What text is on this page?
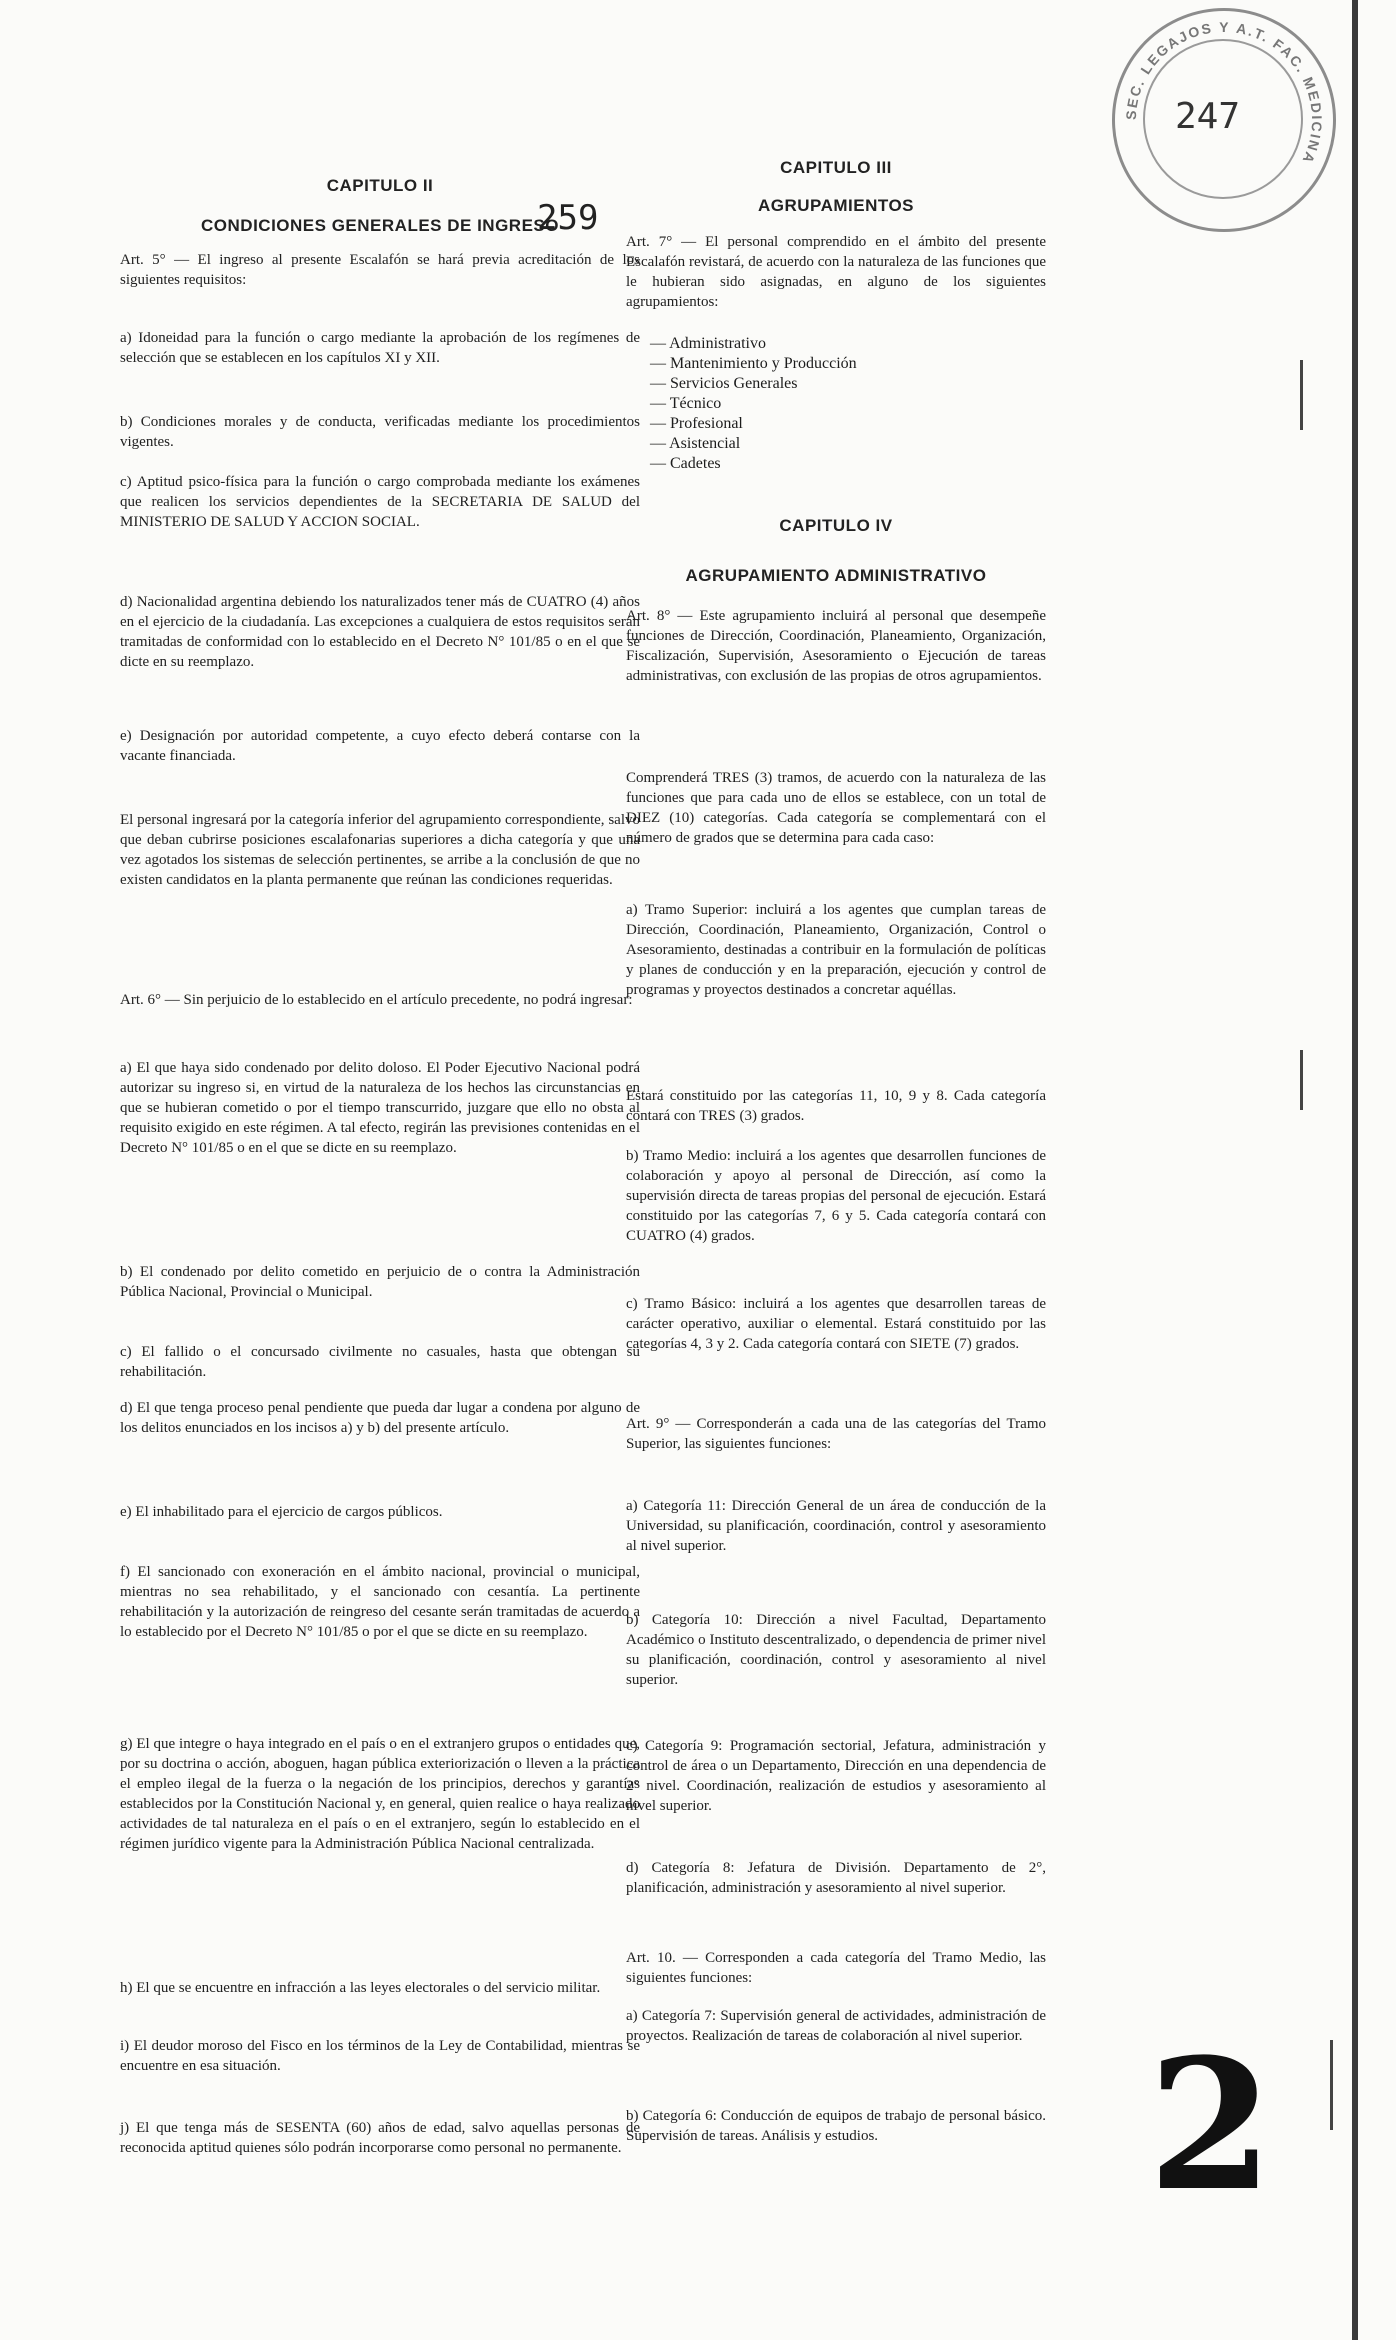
SEC. LEGAJOS Y A.T. FAC. MEDICINA
247
259
CAPITULO II
CONDICIONES GENERALES DE INGRESO
Art. 5° — El ingreso al presente Escalafón se hará previa acreditación de los siguientes requisitos:
a) Idoneidad para la función o cargo mediante la aprobación de los regímenes de selección que se establecen en los capítulos XI y XII.
b) Condiciones morales y de conducta, verificadas mediante los procedimientos vigentes.
c) Aptitud psico-física para la función o cargo comprobada mediante los exámenes que realicen los servicios dependientes de la SECRETARIA DE SALUD del MINISTERIO DE SALUD Y ACCION SOCIAL.
d) Nacionalidad argentina debiendo los naturalizados tener más de CUATRO (4) años en el ejercicio de la ciudadanía. Las excepciones a cualquiera de estos requisitos serán tramitadas de conformidad con lo establecido en el Decreto N° 101/85 o en el que se dicte en su reemplazo.
e) Designación por autoridad competente, a cuyo efecto deberá contarse con la vacante financiada.
El personal ingresará por la categoría inferior del agrupamiento correspondiente, salvo que deban cubrirse posiciones escalafonarias superiores a dicha categoría y que una vez agotados los sistemas de selección pertinentes, se arribe a la conclusión de que no existen candidatos en la planta permanente que reúnan las condiciones requeridas.
Art. 6° — Sin perjuicio de lo establecido en el artículo precedente, no podrá ingresar:
a) El que haya sido condenado por delito doloso. El Poder Ejecutivo Nacional podrá autorizar su ingreso si, en virtud de la naturaleza de los hechos las circunstancias en que se hubieran cometido o por el tiempo transcurrido, juzgare que ello no obsta al requisito exigido en este régimen. A tal efecto, regirán las previsiones contenidas en el Decreto N° 101/85 o en el que se dicte en su reemplazo.
b) El condenado por delito cometido en perjuicio de o contra la Administración Pública Nacional, Provincial o Municipal.
c) El fallido o el concursado civilmente no casuales, hasta que obtengan su rehabilitación.
d) El que tenga proceso penal pendiente que pueda dar lugar a condena por alguno de los delitos enunciados en los incisos a) y b) del presente artículo.
e) El inhabilitado para el ejercicio de cargos públicos.
f) El sancionado con exoneración en el ámbito nacional, provincial o municipal, mientras no sea rehabilitado, y el sancionado con cesantía. La pertinente rehabilitación y la autorización de reingreso del cesante serán tramitadas de acuerdo a lo establecido por el Decreto N° 101/85 o por el que se dicte en su reemplazo.
g) El que integre o haya integrado en el país o en el extranjero grupos o entidades que, por su doctrina o acción, aboguen, hagan pública exteriorización o lleven a la práctica el empleo ilegal de la fuerza o la negación de los principios, derechos y garantías establecidos por la Constitución Nacional y, en general, quien realice o haya realizado actividades de tal naturaleza en el país o en el extranjero, según lo establecido en el régimen jurídico vigente para la Administración Pública Nacional centralizada.
h) El que se encuentre en infracción a las leyes electorales o del servicio militar.
i) El deudor moroso del Fisco en los términos de la Ley de Contabilidad, mientras se encuentre en esa situación.
j) El que tenga más de SESENTA (60) años de edad, salvo aquellas personas de reconocida aptitud quienes sólo podrán incorporarse como personal no permanente.
CAPITULO III
AGRUPAMIENTOS
Art. 7° — El personal comprendido en el ámbito del presente Escalafón revistará, de acuerdo con la naturaleza de las funciones que le hubieran sido asignadas, en alguno de los siguientes agrupamientos:
— Administrativo
— Mantenimiento y Producción
— Servicios Generales
— Técnico
— Profesional
— Asistencial
— Cadetes
CAPITULO IV
AGRUPAMIENTO ADMINISTRATIVO
Art. 8° — Este agrupamiento incluirá al personal que desempeñe funciones de Dirección, Coordinación, Planeamiento, Organización, Fiscalización, Supervisión, Asesoramiento o Ejecución de tareas administrativas, con exclusión de las propias de otros agrupamientos.
Comprenderá TRES (3) tramos, de acuerdo con la naturaleza de las funciones que para cada uno de ellos se establece, con un total de DIEZ (10) categorías. Cada categoría se complementará con el número de grados que se determina para cada caso:
a) Tramo Superior: incluirá a los agentes que cumplan tareas de Dirección, Coordinación, Planeamiento, Organización, Control o Asesoramiento, destinadas a contribuir en la formulación de políticas y planes de conducción y en la preparación, ejecución y control de programas y proyectos destinados a concretar aquéllas.
Estará constituido por las categorías 11, 10, 9 y 8. Cada categoría contará con TRES (3) grados.
b) Tramo Medio: incluirá a los agentes que desarrollen funciones de colaboración y apoyo al personal de Dirección, así como la supervisión directa de tareas propias del personal de ejecución. Estará constituido por las categorías 7, 6 y 5. Cada categoría contará con CUATRO (4) grados.
c) Tramo Básico: incluirá a los agentes que desarrollen tareas de carácter operativo, auxiliar o elemental. Estará constituido por las categorías 4, 3 y 2. Cada categoría contará con SIETE (7) grados.
Art. 9° — Corresponderán a cada una de las categorías del Tramo Superior, las siguientes funciones:
a) Categoría 11: Dirección General de un área de conducción de la Universidad, su planificación, coordinación, control y asesoramiento al nivel superior.
b) Categoría 10: Dirección a nivel Facultad, Departamento Académico o Instituto descentralizado, o dependencia de primer nivel su planificación, coordinación, control y asesoramiento al nivel superior.
c) Categoría 9: Programación sectorial, Jefatura, administración y control de área o un Departamento, Dirección en una dependencia de 2° nivel. Coordinación, realización de estudios y asesoramiento al nivel superior.
d) Categoría 8: Jefatura de División. Departamento de 2°, planificación, administración y asesoramiento al nivel superior.
Art. 10. — Corresponden a cada categoría del Tramo Medio, las siguientes funciones:
a) Categoría 7: Supervisión general de actividades, administración de proyectos. Realización de tareas de colaboración al nivel superior.
b) Categoría 6: Conducción de equipos de trabajo de personal básico. Supervisión de tareas. Análisis y estudios.	2
